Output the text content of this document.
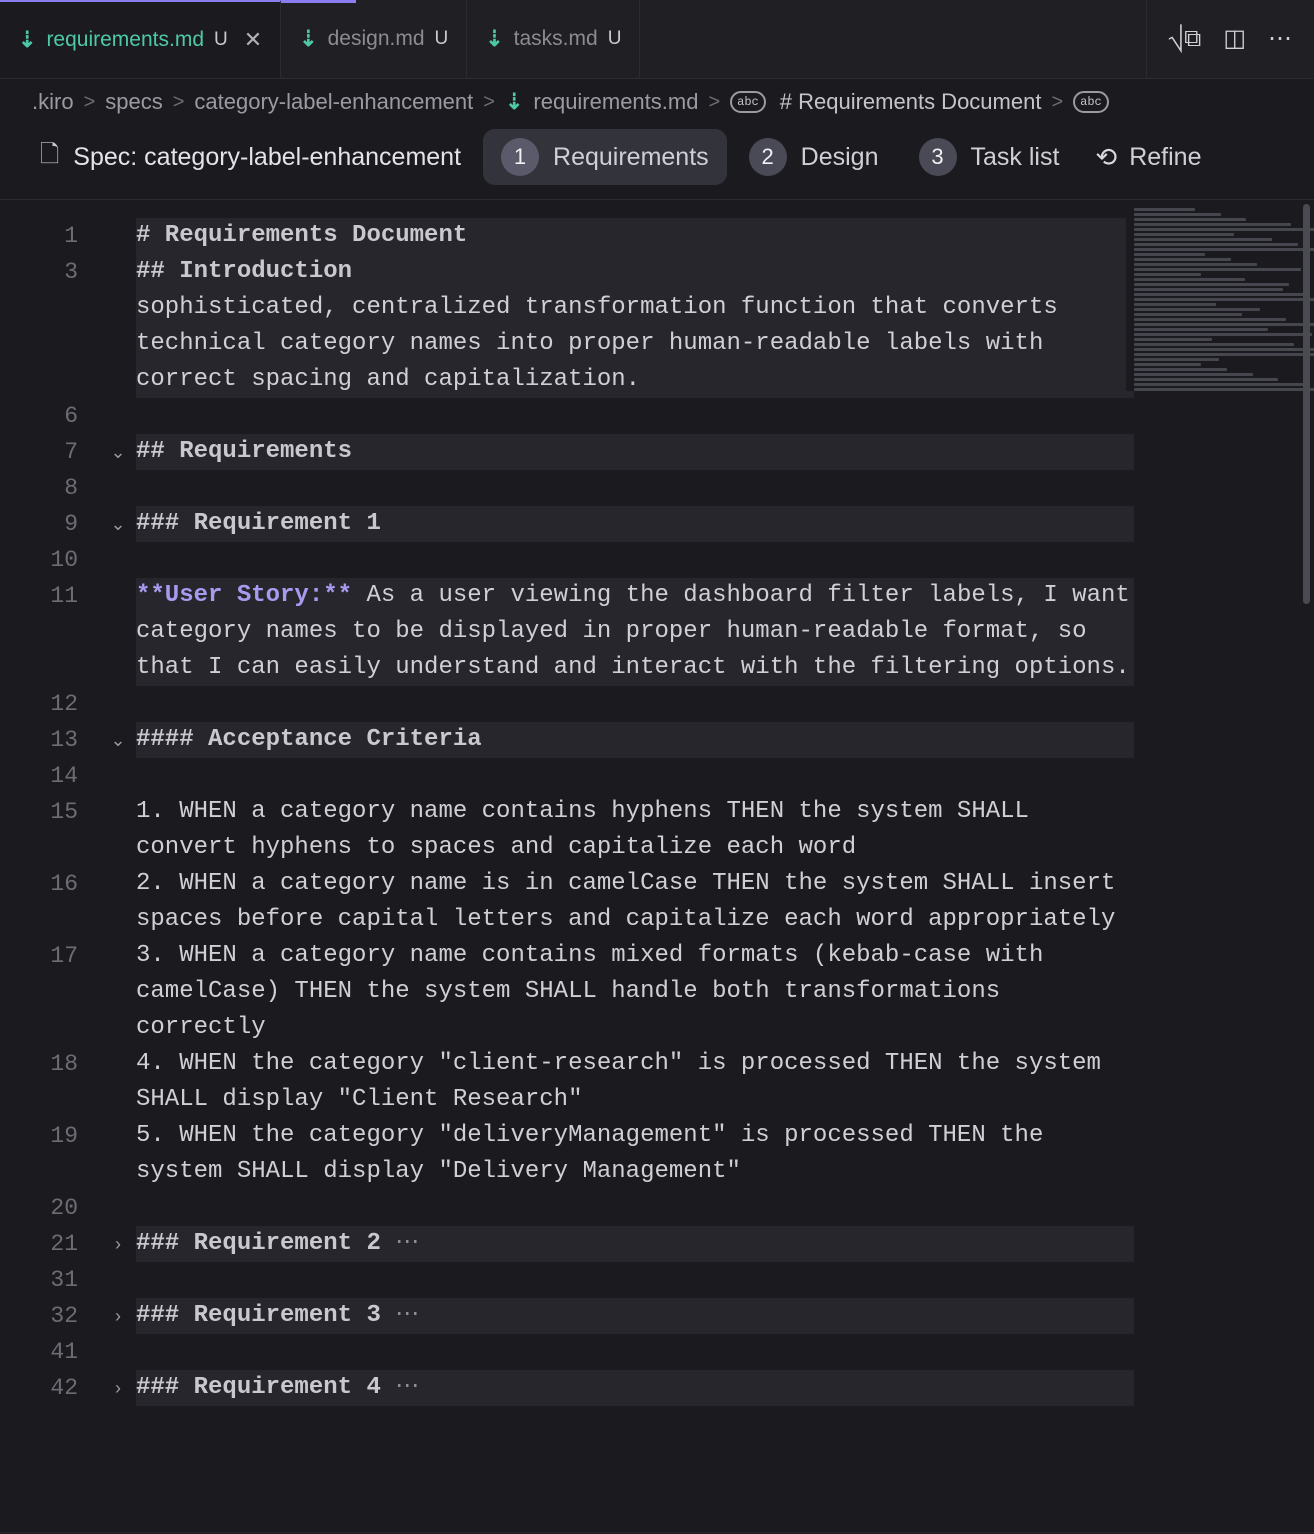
⇣ requirements.md U ✕ ⇣ design.md U ⇣ tasks.md U	⎷​⧉ ◫ ⋯
.kiro > specs > category-label-enhancement > ⇣ requirements.md >	abc # Requirements Document >	abc
🗋 Spec: category-label-enhancement	1	Requirements	2	Design	3	Task list ⟲ Refine
1
3
6
7
8
9
10
11
12
13
14
15
16
17
18
19
20
21
31
32
41
42
⌄
⌄
⌄
›
›
›
# Requirements Document
## Introduction
sophisticated, centralized transformation function that converts technical category names into proper human-readable labels with correct spacing and capitalization.

## Requirements

### Requirement 1

**User Story:** As a user viewing the dashboard filter labels, I want category names to be displayed in proper human-readable format, so that I can easily understand and interact with the filtering options.

#### Acceptance Criteria

1. WHEN a category name contains hyphens THEN the system SHALL convert hyphens to spaces and capitalize each word
2. WHEN a category name is in camelCase THEN the system SHALL insert spaces before capital letters and capitalize each word appropriately
3. WHEN a category name contains mixed formats (kebab-case with camelCase) THEN the system SHALL handle both transformations correctly
4. WHEN the category "client-research" is processed THEN the system SHALL display "Client Research"
5. WHEN the category "deliveryManagement" is processed THEN the system SHALL display "Delivery Management"

### Requirement 2 ⋯

### Requirement 3 ⋯

### Requirement 4 ⋯
